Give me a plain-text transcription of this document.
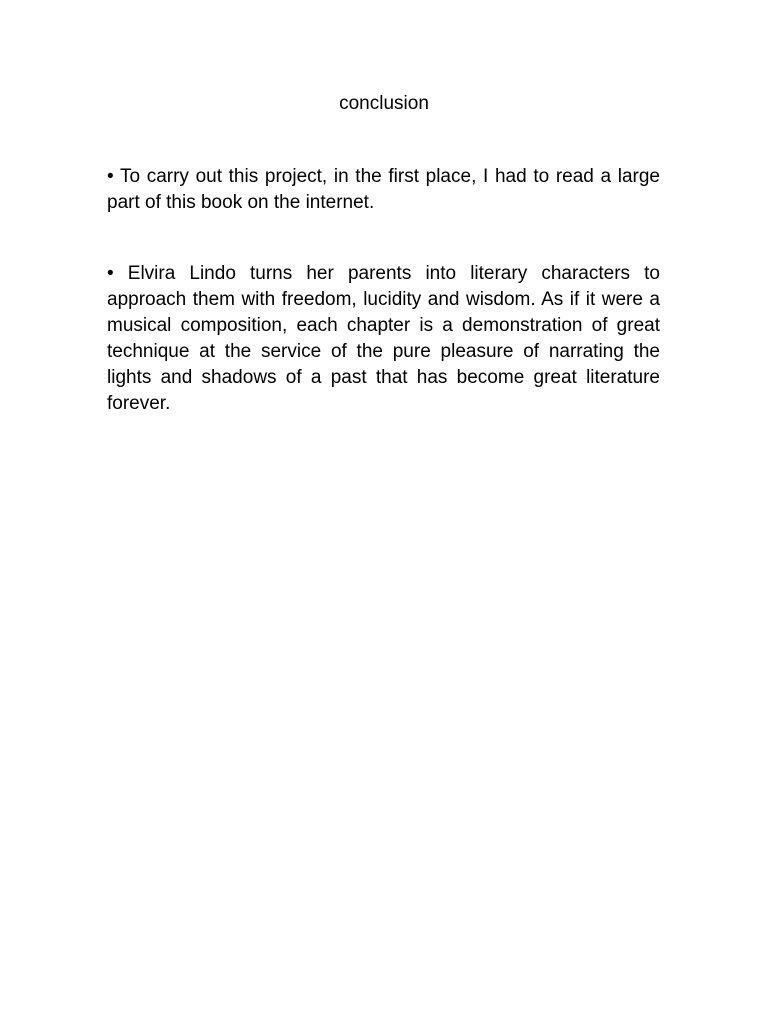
conclusion

• To carry out this project, in the first place, I had to read a large part of this book on the internet.

• Elvira Lindo turns her parents into literary characters to approach them with freedom, lucidity and wisdom. As if it were a musical composition, each chapter is a demonstration of great technique at the service of the pure pleasure of narrating the lights and shadows of a past that has become great literature forever.
